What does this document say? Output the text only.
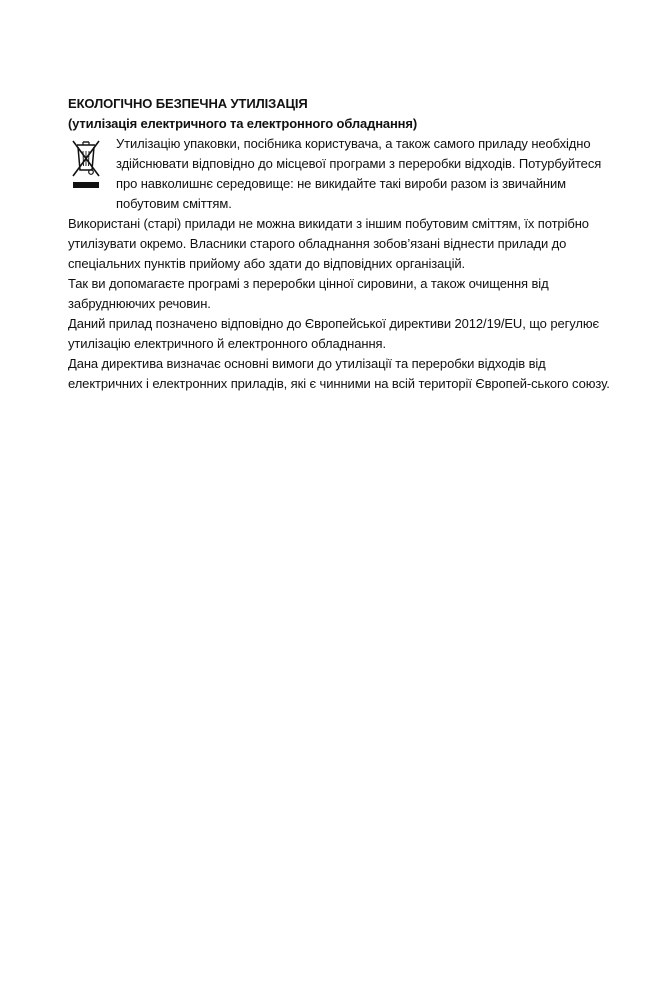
ЕКОЛОГІЧНО БЕЗПЕЧНА УТИЛІЗАЦІЯ

(утилізація електричного та електронного обладнання)

Утилізацію упаковки, посібника користувача, а також самого приладу необхідно здійснювати відповідно до місцевої програми з переробки відходів. Потурбуйтеся про навколишнє середовище: не викидайте такі вироби разом із звичайним побутовим сміттям.

Використані (старі) прилади не можна викидати з іншим побутовим сміттям, їх потрібно утилізувати окремо. Власники старого обладнання зобов’язані віднести прилади до спеціальних пунктів прийому або здати до відповідних організацій.

Так ви допомагаєте програмі з переробки цінної сировини, а також очищення від забруднюючих речовин.

Даний прилад позначено відповідно до Європейської директиви 2012/19/EU, що регулює утилізацію електричного й електронного обладнання.

Дана директива визначає основні вимоги до утилізації та переробки відходів від електричних і електронних приладів, які є чинними на всій території Європей-ського союзу.
